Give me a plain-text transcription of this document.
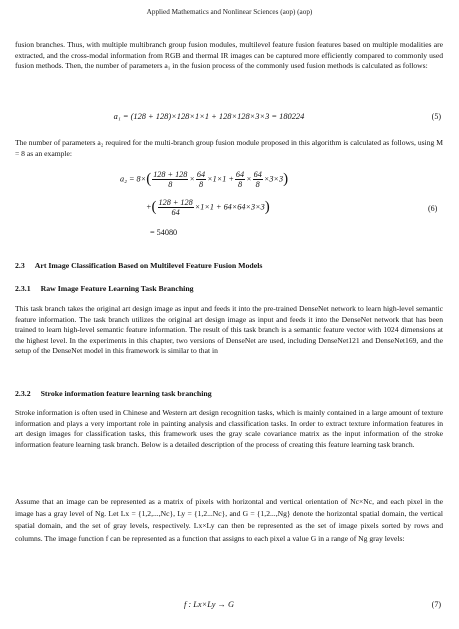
Applied Mathematics and Nonlinear Sciences (aop) (aop)

fusion branches. Thus, with multiple multibranch group fusion modules, multilevel feature fusion features based on multiple modalities are extracted, and the cross-modal information from RGB and thermal IR images can be captured more efficiently compared to commonly used fusion methods. Then, the number of parameters a₁ in the fusion process of the commonly used fusion methods is calculated as follows:

a₁ = (128 + 128)×128×1×1 + 128×128×3×3 = 180224	(5)

The number of parameters a₂ required for the multi-branch group fusion module proposed in this algorithm is calculated as follows, using M = 8 as an example:

$a_2 = 8\times( \frac{128 + 128}{8} \times \frac{64}{8} \times 1\times 1 + \frac{64}{8} \times \frac{64}{8} \times 3\times 3)$
+( $\frac{128 + 128}{64} \times 1\times 1 + 64\times 64\times 3\times 3$)
= 54080
(6)
2.3 Art Image Classification Based on Multilevel Feature Fusion Models
2.3.1 Raw Image Feature Learning Task Branching

This task branch takes the original art design image as input and feeds it into the pre-trained DenseNet network to learn high-level semantic feature information. The task branch utilizes the original art design image as input and feeds it into the DenseNet network that has been trained to learn high-level semantic feature information. The result of this task branch is a semantic feature vector with 1024 dimensions at the highest level. In the experiments in this chapter, two versions of DenseNet are used, including DenseNet121 and DenseNet169, and the setup of the DenseNet model in this framework is similar to that in

2.3.2 Stroke information feature learning task branching

Stroke information is often used in Chinese and Western art design recognition tasks, which is mainly contained in a large amount of texture information and plays a very important role in painting analysis and classification tasks. In order to extract texture information features in art design images for classification tasks, this framework uses the gray scale covariance matrix as the input information of the stroke information feature learning task branch. Below is a detailed description of the process of creating this feature learning task branch.

Assume that an image can be represented as a matrix of pixels with horizontal and vertical orientation of Nc×Nc, and each pixel in the image has a gray level of Ng. Let Lx = {1,2,...,Nc}, Ly = {1,2...Nc}, and G = {1,2...,Ng} denote the horizontal spatial domain, the vertical spatial domain, and the set of gray levels, respectively. Lx×Ly can then be represented as the set of image pixels sorted by rows and columns. The image function f can be represented as a function that assigns to each pixel a value G in a range of Ng gray levels:

f : Lx×Ly → G	(7)
